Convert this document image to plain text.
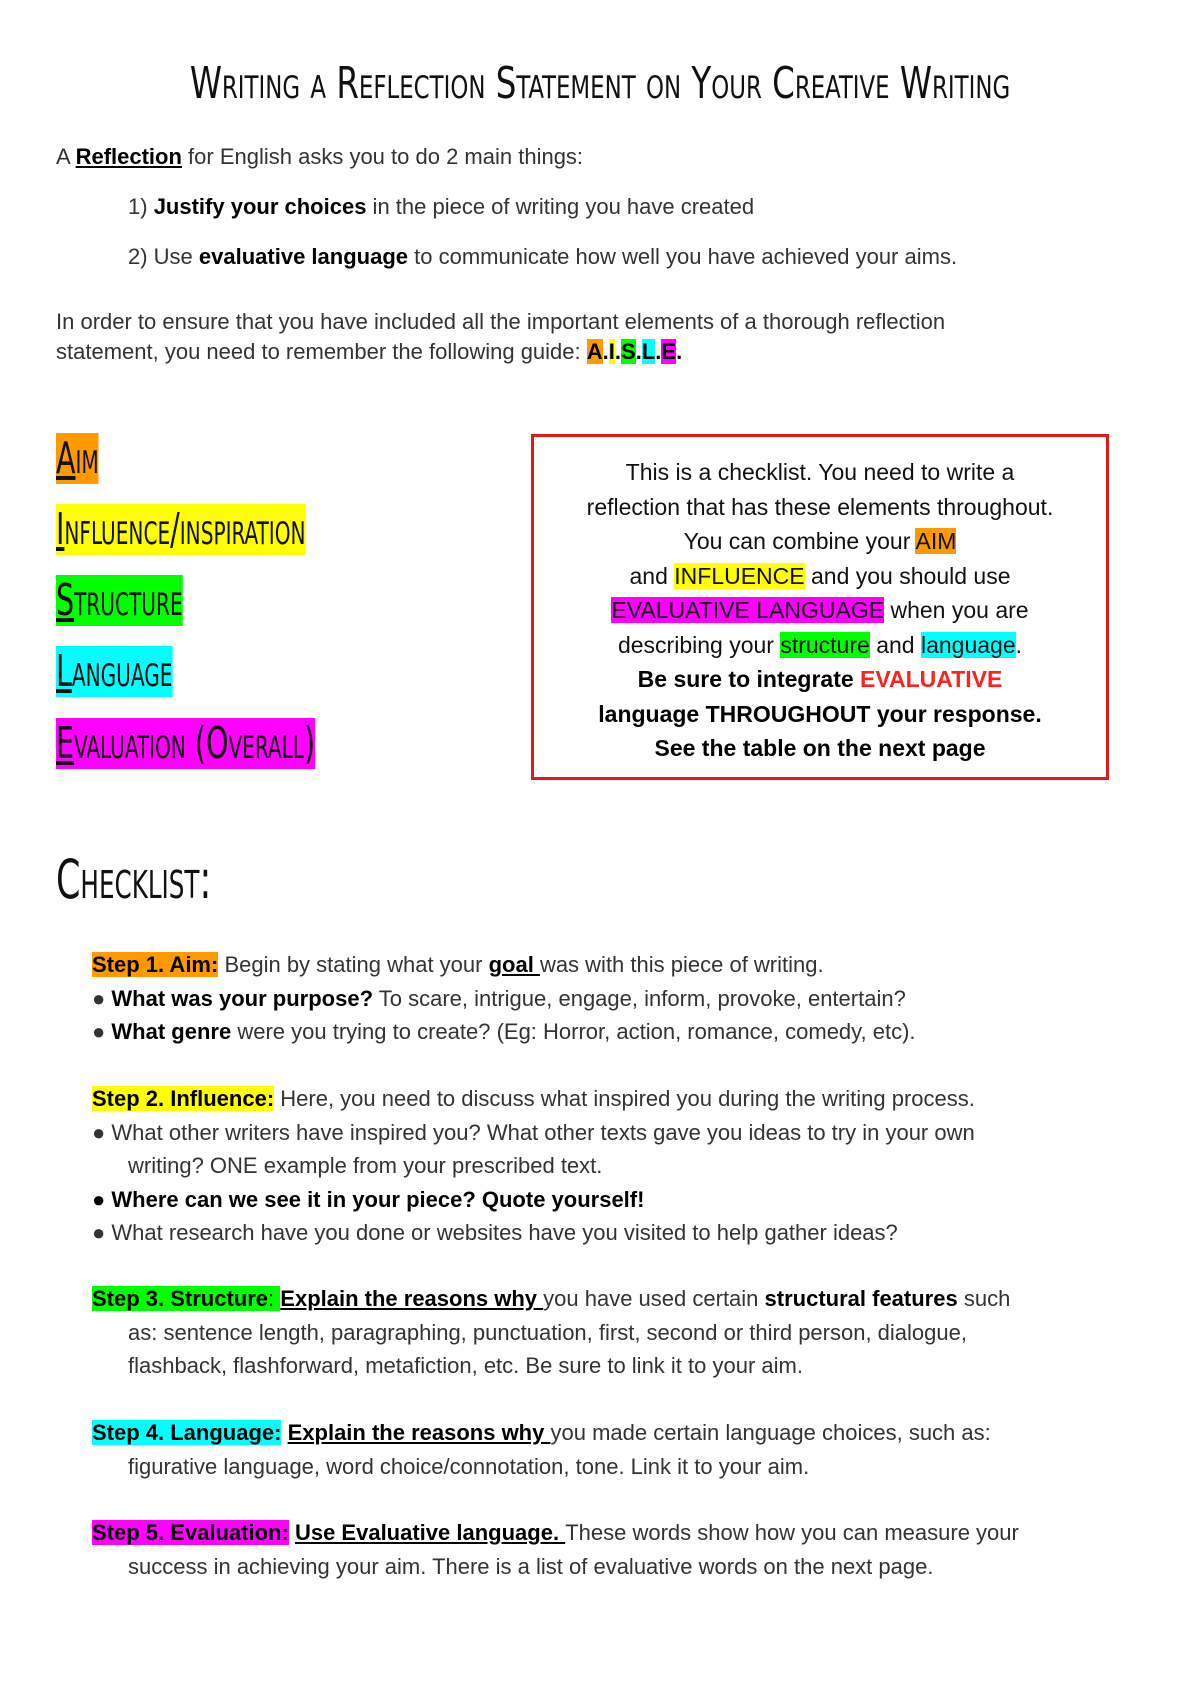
Writing a Reflection Statement on Your Creative Writing
A Reflection for English asks you to do 2 main things:
1) Justify your choices in the piece of writing you have created
2) Use evaluative language to communicate how well you have achieved your aims.
In order to ensure that you have included all the important elements of a thorough reflection
statement, you need to remember the following guide: A.I.S.L.E.
Aim
Influence/inspiration
Structure
Language
Evaluation (Overall)
This is a checklist. You need to write a
reflection that has these elements throughout.
You can combine your AIM
and INFLUENCE and you should use
EVALUATIVE LANGUAGE when you are
describing your structure and language.
Be sure to integrate EVALUATIVE
language THROUGHOUT your response.
See the table on the next page
Checklist:
Step 1. Aim: Begin by stating what your goal was with this piece of writing.
● What was your purpose? To scare, intrigue, engage, inform, provoke, entertain?
● What genre were you trying to create? (Eg: Horror, action, romance, comedy, etc).
Step 2. Influence: Here, you need to discuss what inspired you during the writing process.
● What other writers have inspired you? What other texts gave you ideas to try in your own
writing? ONE example from your prescribed text.
● Where can we see it in your piece? Quote yourself!
● What research have you done or websites have you visited to help gather ideas?
Step 3. Structure: Explain the reasons why you have used certain structural features such
as: sentence length, paragraphing, punctuation, first, second or third person, dialogue,
flashback, flashforward, metafiction, etc. Be sure to link it to your aim.
Step 4. Language: Explain the reasons why you made certain language choices, such as:
figurative language, word choice/connotation, tone. Link it to your aim.
Step 5. Evaluation: Use Evaluative language. These words show how you can measure your
success in achieving your aim. There is a list of evaluative words on the next page.
